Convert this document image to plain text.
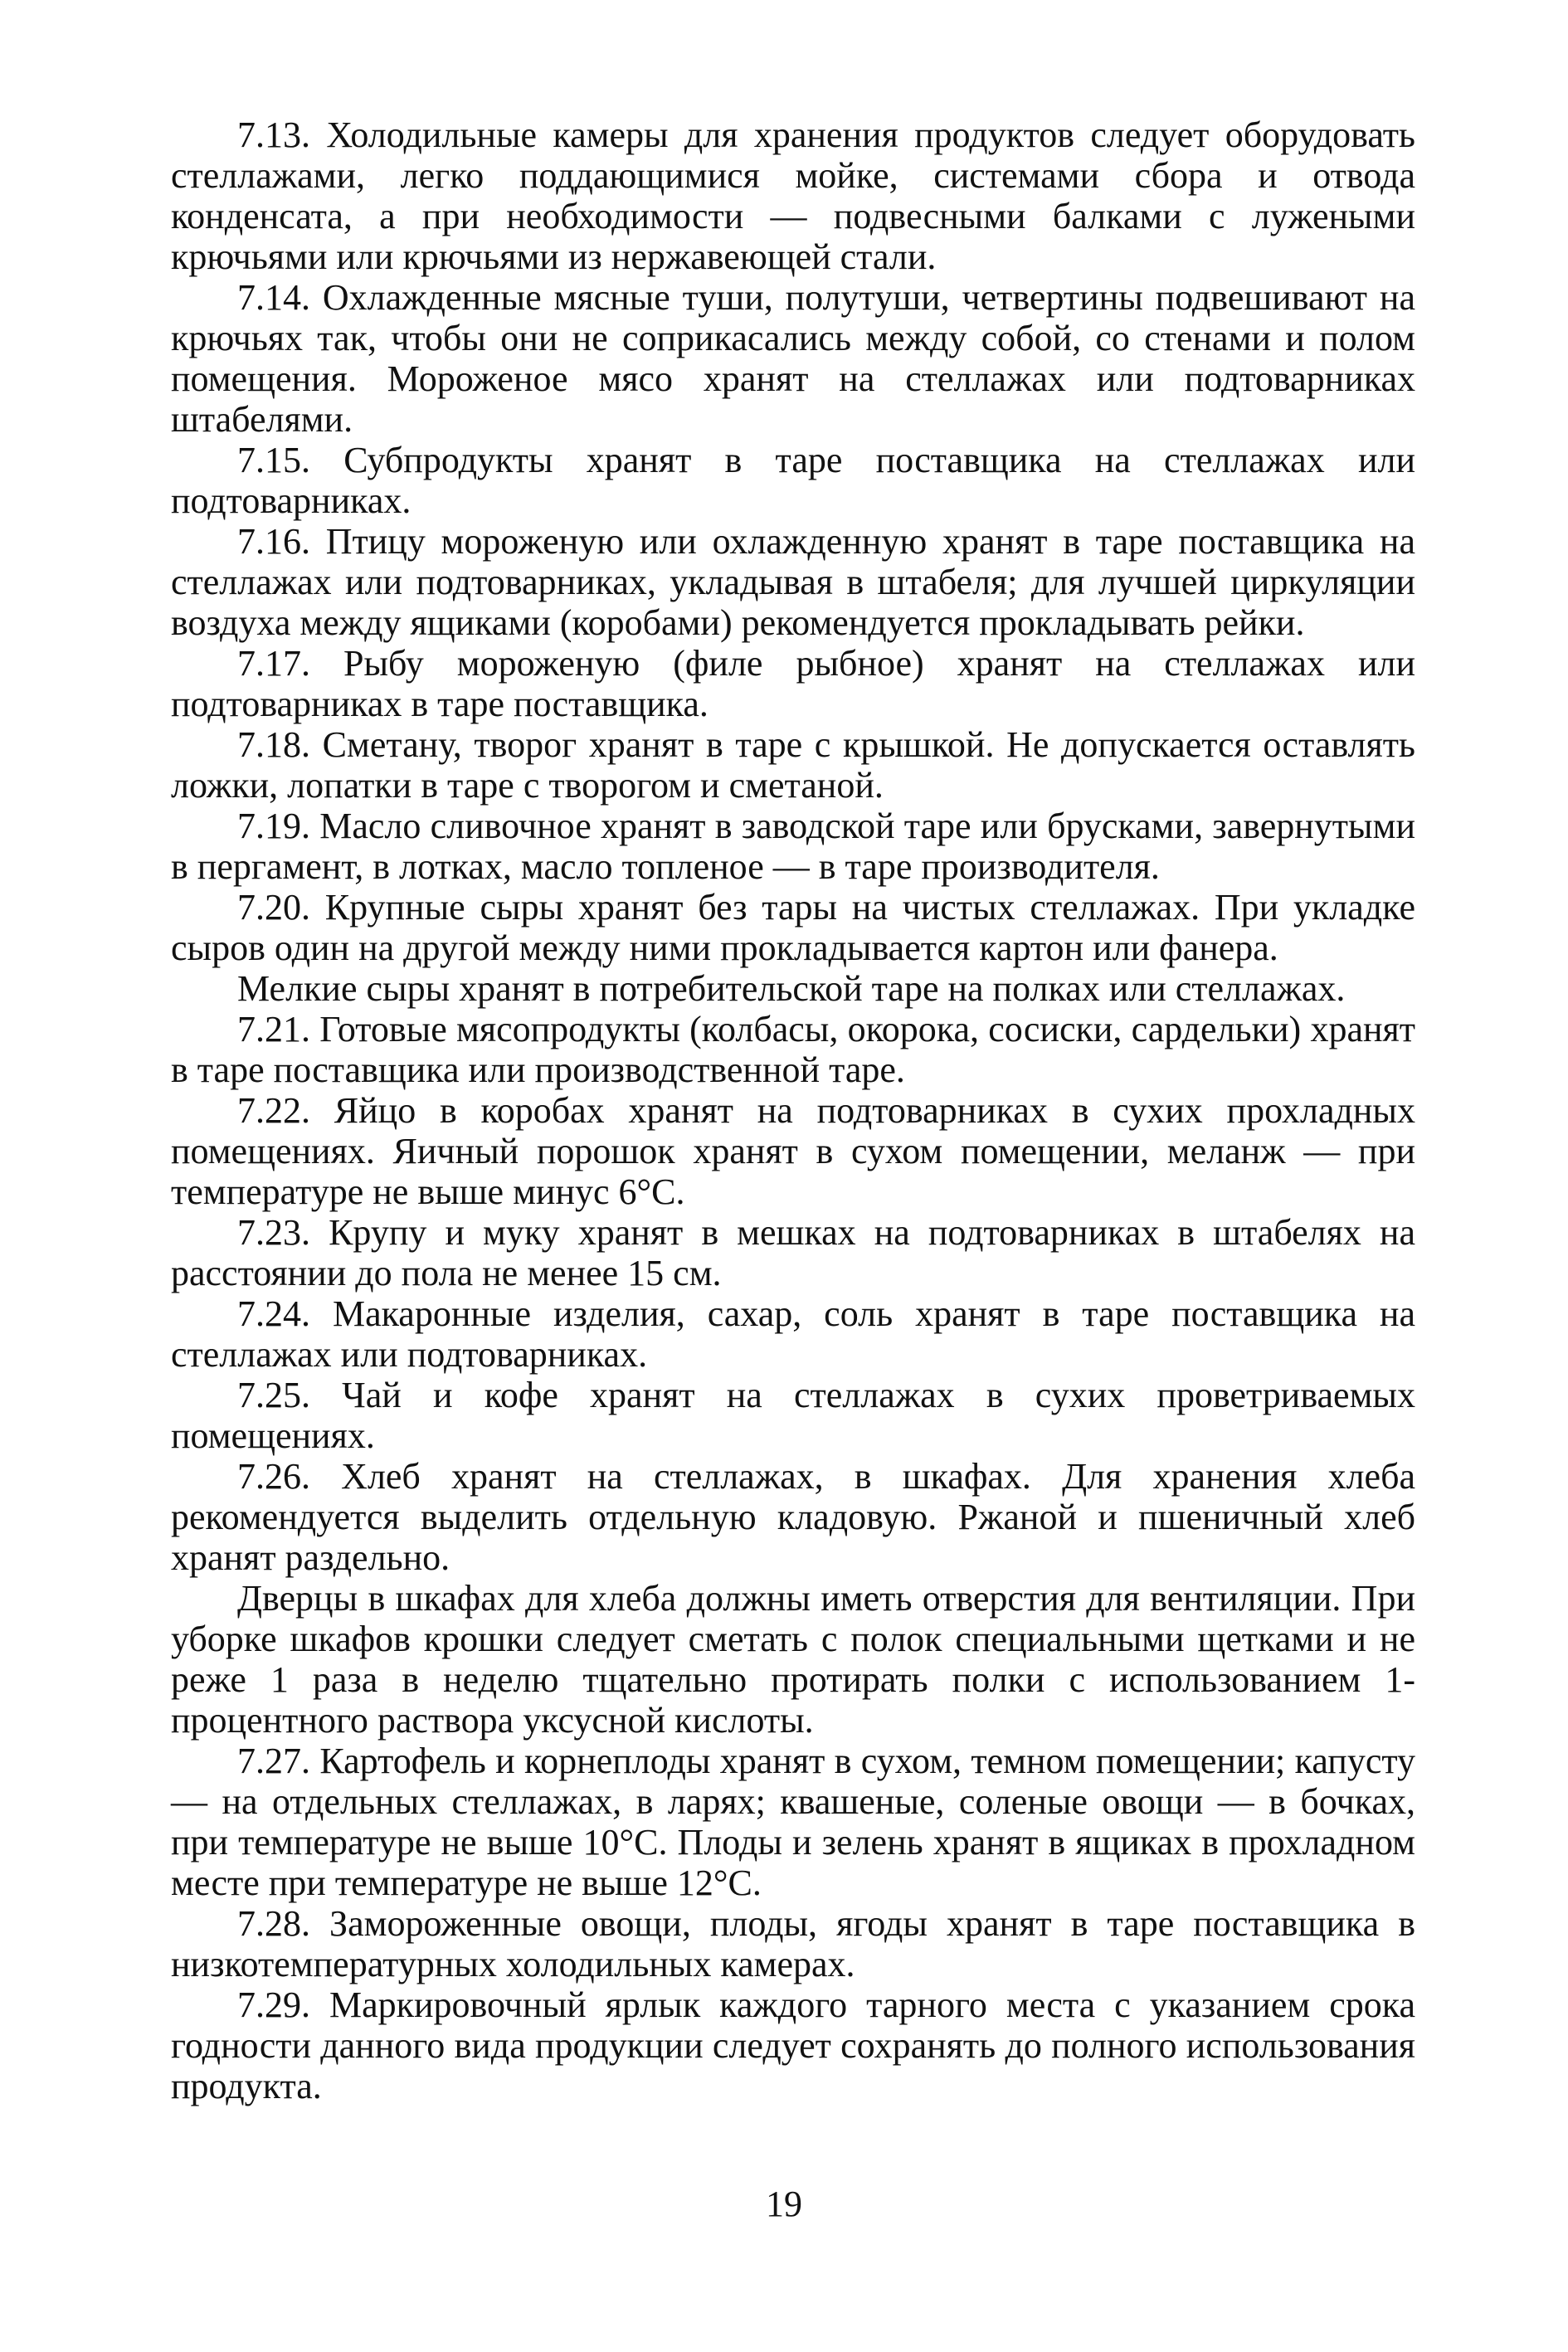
7.13. Холодильные камеры для хранения продуктов следует оборудовать стеллажами, легко поддающимися мойке, системами сбора и отвода конденсата, а при необходимости — подвесными балками с лужеными крючьями или крючьями из нержавеющей стали.

7.14. Охлажденные мясные туши, полутуши, четвертины подвешивают на крючьях так, чтобы они не соприкасались между собой, со стенами и полом помещения. Мороженое мясо хранят на стеллажах или подтоварниках штабелями.

7.15. Субпродукты хранят в таре поставщика на стеллажах или подтоварниках.

7.16. Птицу мороженую или охлажденную хранят в таре поставщика на стеллажах или подтоварниках, укладывая в штабеля; для лучшей циркуляции воздуха между ящиками (коробами) рекомендуется прокладывать рейки.

7.17. Рыбу мороженую (филе рыбное) хранят на стеллажах или подтоварниках в таре поставщика.

7.18. Сметану, творог хранят в таре с крышкой. Не допускается оставлять ложки, лопатки в таре с творогом и сметаной.

7.19. Масло сливочное хранят в заводской таре или брусками, завернутыми в пергамент, в лотках, масло топленое — в таре производителя.

7.20. Крупные сыры хранят без тары на чистых стеллажах. При укладке сыров один на другой между ними прокладывается картон или фанера.

Мелкие сыры хранят в потребительской таре на полках или стеллажах.

7.21. Готовые мясопродукты (колбасы, окорока, сосиски, сардельки) хранят в таре поставщика или производственной таре.

7.22. Яйцо в коробах хранят на подтоварниках в сухих прохладных помещениях. Яичный порошок хранят в сухом помещении, меланж — при температуре не выше минус 6°С.

7.23. Крупу и муку хранят в мешках на подтоварниках в штабелях на расстоянии до пола не менее 15 см.

7.24. Макаронные изделия, сахар, соль хранят в таре поставщика на стеллажах или подтоварниках.

7.25. Чай и кофе хранят на стеллажах в сухих проветриваемых помещениях.

7.26. Хлеб хранят на стеллажах, в шкафах. Для хранения хлеба рекомендуется выделить отдельную кладовую. Ржаной и пшеничный хлеб хранят раздельно.

Дверцы в шкафах для хлеба должны иметь отверстия для вентиляции. При уборке шкафов крошки следует сметать с полок специальными щетками и не реже 1 раза в неделю тщательно протирать полки с использованием 1-процентного раствора уксусной кислоты.

7.27. Картофель и корнеплоды хранят в сухом, темном помещении; капусту — на отдельных стеллажах, в ларях; квашеные, соленые овощи — в бочках, при температуре не выше 10°С. Плоды и зелень хранят в ящиках в прохладном месте при температуре не выше 12°С.

7.28. Замороженные овощи, плоды, ягоды хранят в таре поставщика в низкотемпературных холодильных камерах.

7.29. Маркировочный ярлык каждого тарного места с указанием срока годности данного вида продукции следует сохранять до полного использования продукта.

19
